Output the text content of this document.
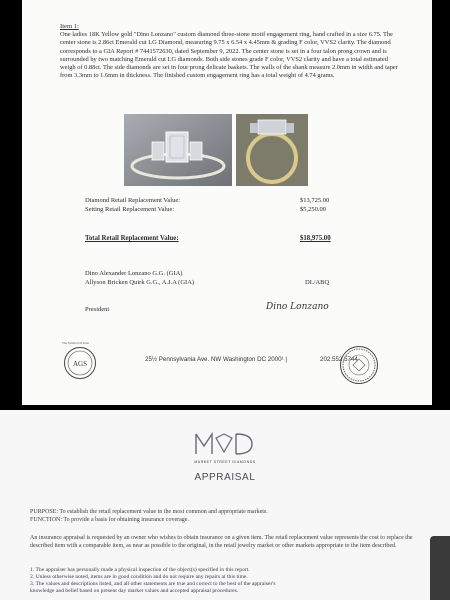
Item 1:
One ladies 18K Yellow gold "Dino Lonzano" custom diamond three-stone motif engagement ring, hand crafted in a size 6.75. The center stone is 2.86ct Emerald cut LG Diamond, measuring 9.75 x 6.54 x 4.45mm & grading F color, VVS2 clarity. The diamond corresponds to a GIA Report # 7441572630, dated September 9, 2022. The center stone is set in a four talon prong crown and is surrounded by two matching Emerald cut LG diamonds. Both side stones grade F color, VVS2 clarity and have a total estimated weigh of 0.88ct. The side diamonds are set in four prong delicate baskets. The walls of the shank measure 2.0mm in width and taper from 3.3mm to 1.6mm in thickness. The finished custom engagement ring has a total weight of 4.74 grams.
Diamond Retail Replacement Value:	$13,725.00
Setting Retail Replacement Value:	$5,250.00
Total Retail Replacement Value:	$18,975.00
Dino Alexander Lonzano G.G. (GIA)
Allyson Bricken Quirk G.G., A.J.A (GIA)	DL/ABQ
President	Dino Lonzano
The Symbol Of Trust
AGS
25½ Pennsylvania Ave. NW Washington DC 2000¹ |	202.552.5744
MARKET STREET DIAMONDS
APPRAISAL
PURPOSE: To establish the retail replacement value in the most common and appropriate markets.
FUNCTION: To provide a basis for obtaining insurance coverage.
An insurance appraisal is requested by an owner who wishes to obtain insurance on a given item. The retail replacement value represents the cost to replace the described item with a comparable item, as near as possible to the original, in the retail jewelry market or other markets appropriate to the item described.
1. The appraiser has personally made a physical inspection of the object(s) specified in this report.
2. Unless otherwise noted, items are in good condition and do not require any repairs at this time.
3. The values and descriptions listed, and all other statements are true and correct to the best of the appraiser's
knowledge and belief based on present day market values and accepted appraisal procedures.
